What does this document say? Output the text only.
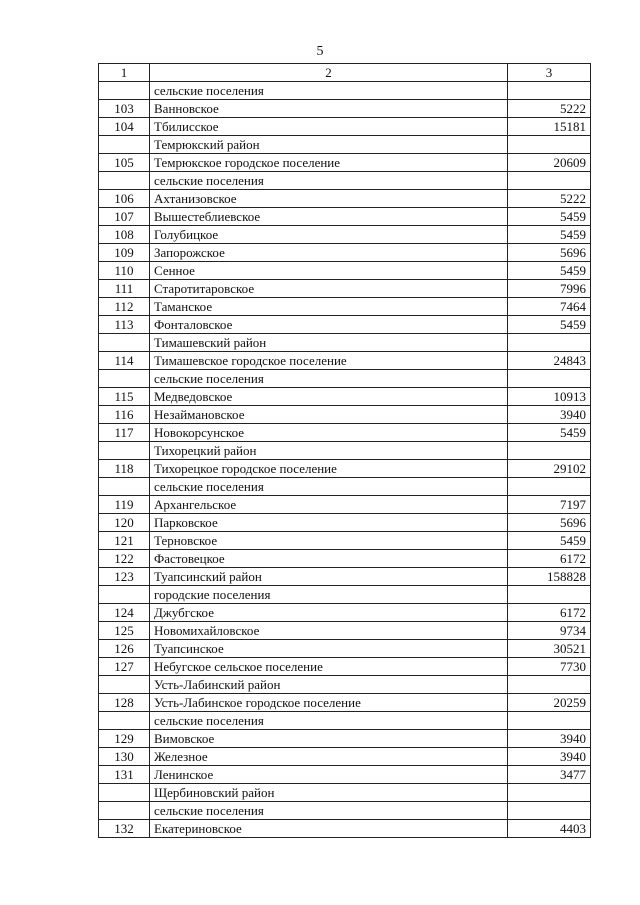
5
1	2	3
	сельские поселения	
103	Ванновское	5222
104	Тбилисское	15181
	Темрюкский район	
105	Темрюкское городское поселение	20609
	сельские поселения	
106	Ахтанизовское	5222
107	Вышестеблиевское	5459
108	Голубицкое	5459
109	Запорожское	5696
110	Сенное	5459
111	Старотитаровское	7996
112	Таманское	7464
113	Фонталовское	5459
	Тимашевский район	
114	Тимашевское городское поселение	24843
	сельские поселения	
115	Медведовское	10913
116	Незаймановское	3940
117	Новокорсунское	5459
	Тихорецкий район	
118	Тихорецкое городское поселение	29102
	сельские поселения	
119	Архангельское	7197
120	Парковское	5696
121	Терновское	5459
122	Фастовецкое	6172
123	Туапсинский район	158828
	городские поселения	
124	Джубгское	6172
125	Новомихайловское	9734
126	Туапсинское	30521
127	Небугское сельское поселение	7730
	Усть-Лабинский район	
128	Усть-Лабинское городское поселение	20259
	сельские поселения	
129	Вимовское	3940
130	Железное	3940
131	Ленинское	3477
	Щербиновский район	
	сельские поселения	
132	Екатериновское	4403
